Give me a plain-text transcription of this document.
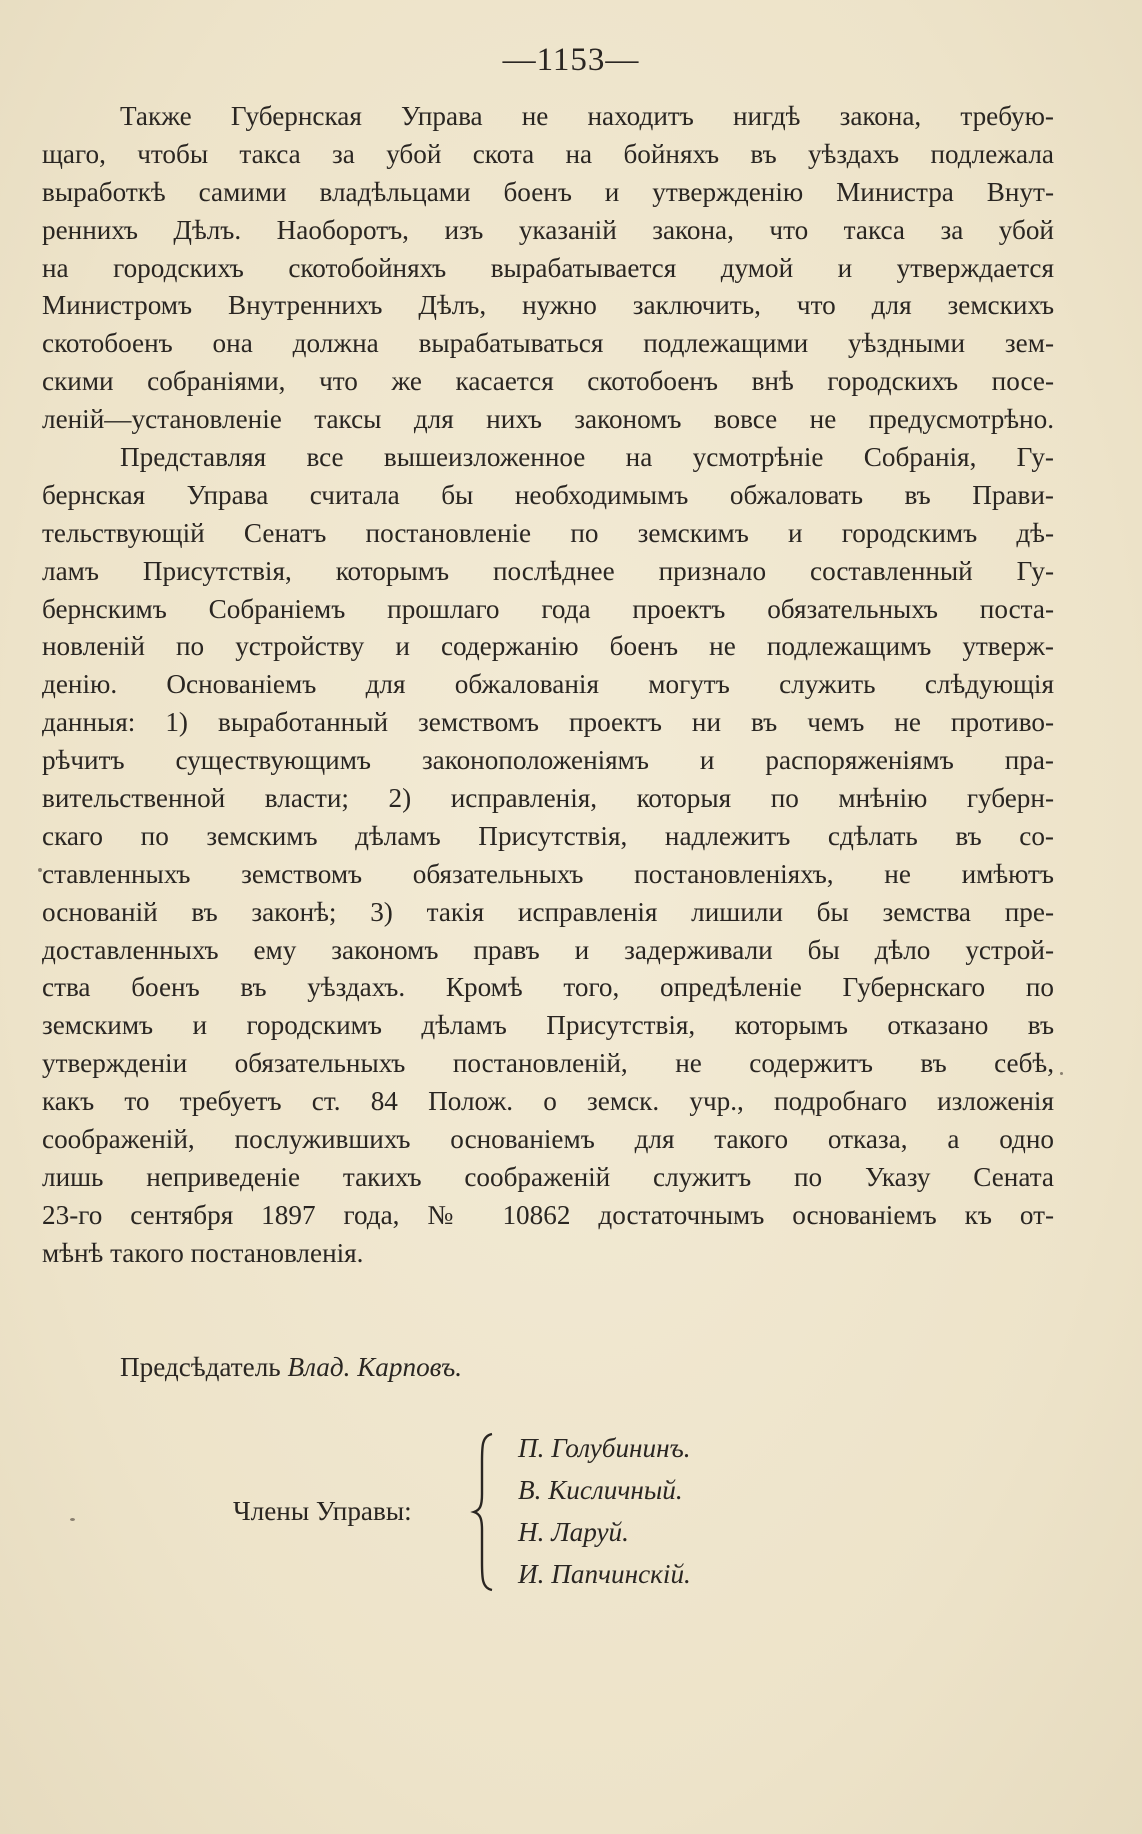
—1153—
Также Губернская Управа не находитъ нигдѣ закона, требую-
щаго, чтобы такса за убой скота на бойняхъ въ уѣздахъ подлежала
выработкѣ самими владѣльцами боенъ и утвержденію Министра Внут-
реннихъ Дѣлъ. Наоборотъ, изъ указаній закона, что такса за убой
на городскихъ скотобойняхъ вырабатывается думой и утверждается
Министромъ Внутреннихъ Дѣлъ, нужно заключить, что для земскихъ
скотобоенъ она должна вырабатываться подлежащими уѣздными зем-
скими собраніями, что же касается скотобоенъ внѣ городскихъ посе-
леній—установленіе таксы для нихъ закономъ вовсе не предусмотрѣно.
Представляя все вышеизложенное на усмотрѣніе Собранія, Гу-
бернская Управа считала бы необходимымъ обжаловать въ Прави-
тельствующій Сенатъ постановленіе по земскимъ и городскимъ дѣ-
ламъ Присутствія, которымъ послѣднее признало составленный Гу-
бернскимъ Собраніемъ прошлаго года проектъ обязательныхъ поста-
новленій по устройству и содержанію боенъ не подлежащимъ утверж-
денію. Основаніемъ для обжалованія могутъ служить слѣдующія
данныя: 1) выработанный земствомъ проектъ ни въ чемъ не противо-
рѣчитъ существующимъ законоположеніямъ и распоряженіямъ пра-
вительственной власти; 2) исправленія, которыя по мнѣнію губерн-
скаго по земскимъ дѣламъ Присутствія, надлежитъ сдѣлать въ со-
ставленныхъ земствомъ обязательныхъ постановленіяхъ, не имѣютъ
основаній въ законѣ; 3) такія исправленія лишили бы земства пре-
доставленныхъ ему закономъ правъ и задерживали бы дѣло устрой-
ства боенъ въ уѣздахъ. Кромѣ того, опредѣленіе Губернскаго по
земскимъ и городскимъ дѣламъ Присутствія, которымъ отказано въ
утвержденіи обязательныхъ постановленій, не содержитъ въ себѣ,
какъ то требуетъ ст. 84 Полож. о земск. учр., подробнаго изложенія
соображеній, послужившихъ основаніемъ для такого отказа, а одно
лишь неприведеніе такихъ соображеній служитъ по Указу Сената
23-го сентября 1897 года, № 10862 достаточнымъ основаніемъ къ от-
мѣнѣ такого постановленія.
Предсѣдатель Влад. Карповъ.
Члены Управы:
П. Голубининъ.
В. Кисличный.
Н. Ларуй.
И. Папчинскій.
